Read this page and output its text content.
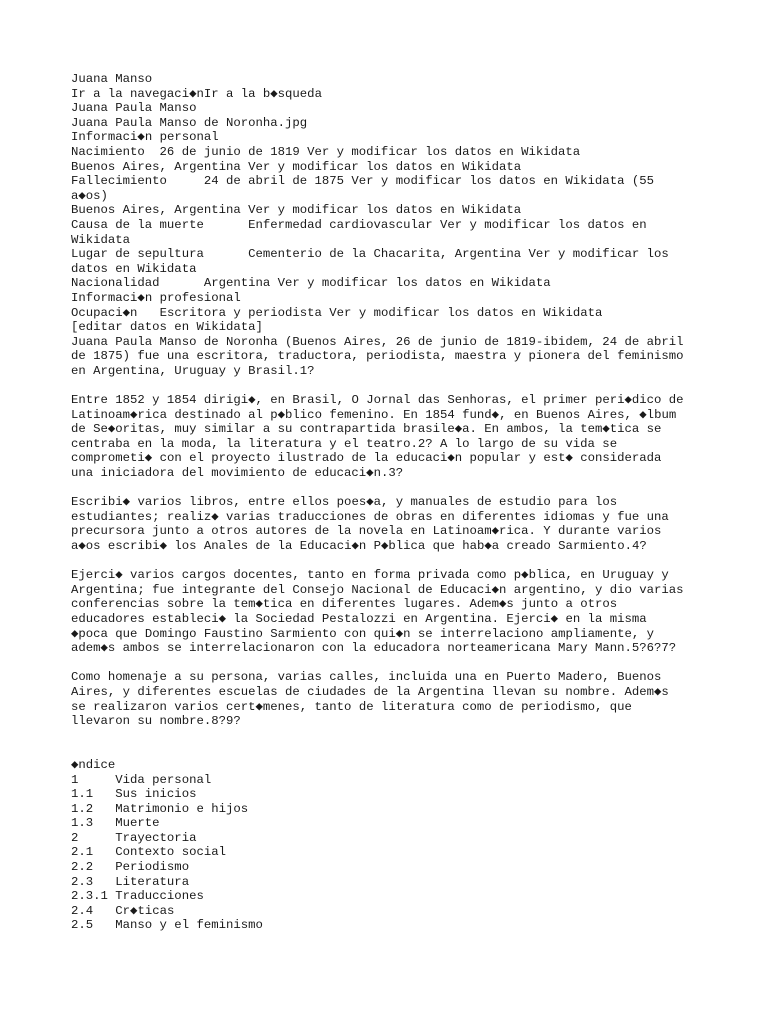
Juana Manso
Ir a la navegaci◆nIr a la b◆squeda
Juana Paula Manso
Juana Paula Manso de Noronha.jpg
Informaci◆n personal
Nacimiento  26 de junio de 1819 Ver y modificar los datos en Wikidata
Buenos Aires, Argentina Ver y modificar los datos en Wikidata
Fallecimiento     24 de abril de 1875 Ver y modificar los datos en Wikidata (55
a◆os)
Buenos Aires, Argentina Ver y modificar los datos en Wikidata
Causa de la muerte      Enfermedad cardiovascular Ver y modificar los datos en
Wikidata
Lugar de sepultura      Cementerio de la Chacarita, Argentina Ver y modificar los
datos en Wikidata
Nacionalidad      Argentina Ver y modificar los datos en Wikidata
Informaci◆n profesional
Ocupaci◆n   Escritora y periodista Ver y modificar los datos en Wikidata
[editar datos en Wikidata]
Juana Paula Manso de Noronha (Buenos Aires, 26 de junio de 1819-ibidem, 24 de abril
de 1875) fue una escritora, traductora, periodista, maestra y pionera del feminismo
en Argentina, Uruguay y Brasil.1?
Entre 1852 y 1854 dirigi◆, en Brasil, O Jornal das Senhoras, el primer peri◆dico de
Latinoam◆rica destinado al p◆blico femenino. En 1854 fund◆, en Buenos Aires, ◆lbum
de Se◆oritas, muy similar a su contrapartida brasile◆a. En ambos, la tem◆tica se
centraba en la moda, la literatura y el teatro.2? A lo largo de su vida se
comprometi◆ con el proyecto ilustrado de la educaci◆n popular y est◆ considerada
una iniciadora del movimiento de educaci◆n.3?
Escribi◆ varios libros, entre ellos poes◆a, y manuales de estudio para los
estudiantes; realiz◆ varias traducciones de obras en diferentes idiomas y fue una
precursora junto a otros autores de la novela en Latinoam◆rica. Y durante varios
a◆os escribi◆ los Anales de la Educaci◆n P◆blica que hab◆a creado Sarmiento.4?
Ejerci◆ varios cargos docentes, tanto en forma privada como p◆blica, en Uruguay y
Argentina; fue integrante del Consejo Nacional de Educaci◆n argentino, y dio varias
conferencias sobre la tem◆tica en diferentes lugares. Adem◆s junto a otros
educadores estableci◆ la Sociedad Pestalozzi en Argentina. Ejerci◆ en la misma
◆poca que Domingo Faustino Sarmiento con qui◆n se interrelaciono ampliamente, y
adem◆s ambos se interrelacionaron con la educadora norteamericana Mary Mann.5?6?7?
Como homenaje a su persona, varias calles, incluida una en Puerto Madero, Buenos
Aires, y diferentes escuelas de ciudades de la Argentina llevan su nombre. Adem◆s
se realizaron varios cert◆menes, tanto de literatura como de periodismo, que
llevaron su nombre.8?9?
◆ndice
1     Vida personal
1.1   Sus inicios
1.2   Matrimonio e hijos
1.3   Muerte
2     Trayectoria
2.1   Contexto social
2.2   Periodismo
2.3   Literatura
2.3.1 Traducciones
2.4   Cr◆ticas
2.5   Manso y el feminismo
